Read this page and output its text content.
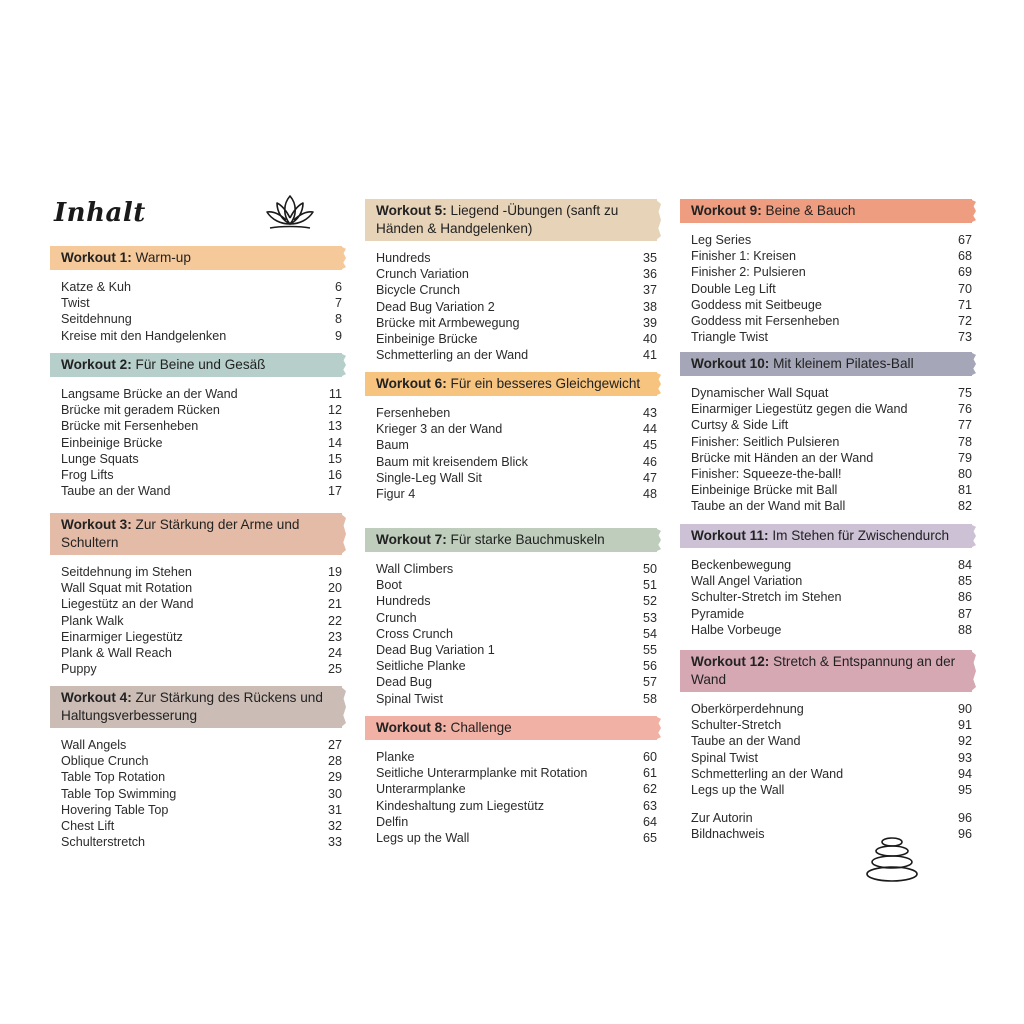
Inhalt
Workout 1: Warm-up
Katze & Kuh	6
Twist	7
Seitdehnung	8
Kreise mit den Handgelenken	9
Workout 2: Für Beine und Gesäß
Langsame Brücke an der Wand	11
Brücke mit geradem Rücken	12
Brücke mit Fersenheben	13
Einbeinige Brücke	14
Lunge Squats	15
Frog Lifts	16
Taube an der Wand	17
Workout 3: Zur Stärkung der Arme und Schultern
Seitdehnung im Stehen	19
Wall Squat mit Rotation	20
Liegestütz an der Wand	21
Plank Walk	22
Einarmiger Liegestütz	23
Plank & Wall Reach	24
Puppy	25
Workout 4: Zur Stärkung des Rückens und Haltungsverbesserung
Wall Angels	27
Oblique Crunch	28
Table Top Rotation	29
Table Top Swimming	30
Hovering Table Top	31
Chest Lift	32
Schulterstretch	33
Workout 5: Liegend -Übungen (sanft zu Händen & Handgelenken)
Hundreds	35
Crunch Variation	36
Bicycle Crunch	37
Dead Bug Variation 2	38
Brücke mit Armbewegung	39
Einbeinige Brücke	40
Schmetterling an der Wand	41
Workout 6: Für ein besseres Gleichgewicht
Fersenheben	43
Krieger 3 an der Wand	44
Baum	45
Baum mit kreisendem Blick	46
Single-Leg Wall Sit	47
Figur 4	48
Workout 7: Für starke Bauchmuskeln
Wall Climbers	50
Boot	51
Hundreds	52
Crunch	53
Cross Crunch	54
Dead Bug Variation 1	55
Seitliche Planke	56
Dead Bug	57
Spinal Twist	58
Workout 8: Challenge
Planke	60
Seitliche Unterarmplanke mit Rotation	61
Unterarmplanke	62
Kindeshaltung zum Liegestütz	63
Delfin	64
Legs up the Wall	65
Workout 9: Beine & Bauch
Leg Series	67
Finisher 1: Kreisen	68
Finisher 2: Pulsieren	69
Double Leg Lift	70
Goddess mit Seitbeuge	71
Goddess mit Fersenheben	72
Triangle Twist	73
Workout 10: Mit kleinem Pilates-Ball
Dynamischer Wall Squat	75
Einarmiger Liegestütz gegen die Wand	76
Curtsy & Side Lift	77
Finisher: Seitlich Pulsieren	78
Brücke mit Händen an der Wand	79
Finisher: Squeeze-the-ball!	80
Einbeinige Brücke mit Ball	81
Taube an der Wand mit Ball	82
Workout 11: Im Stehen für Zwischendurch
Beckenbewegung	84
Wall Angel Variation	85
Schulter-Stretch im Stehen	86
Pyramide	87
Halbe Vorbeuge	88
Workout 12: Stretch & Entspannung an der Wand
Oberkörperdehnung	90
Schulter-Stretch	91
Taube an der Wand	92
Spinal Twist	93
Schmetterling an der Wand	94
Legs up the Wall	95
Zur Autorin	96
Bildnachweis	96
